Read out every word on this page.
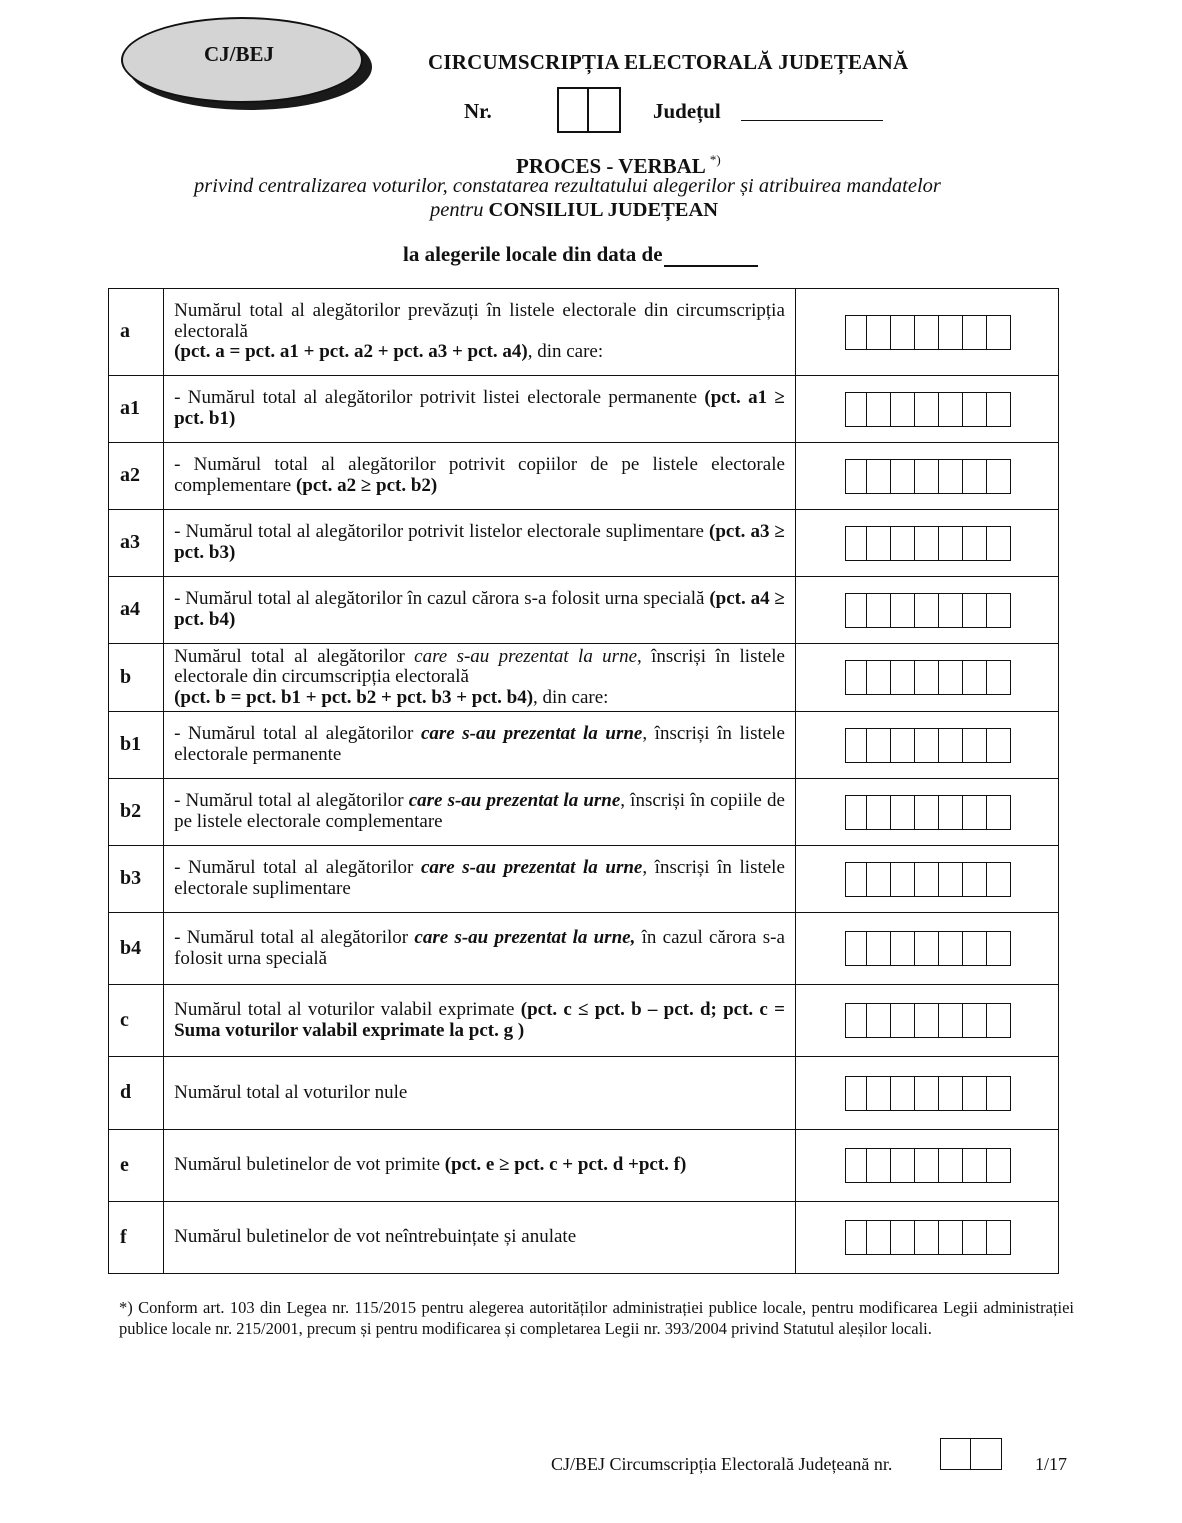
CJ/BEJ	CIRCUMSCRIPȚIA ELECTORALĂ JUDEȚEANĂ
Nr.	Județul
PROCES - VERBAL *)
privind centralizarea voturilor, constatarea rezultatului alegerilor și atribuirea mandatelor
pentru CONSILIUL JUDEȚEAN
la alegerile locale din data de
a	Numărul total al alegătorilor prevăzuți în listele electorale din circumscripția electorală
(pct. a = pct. a1 + pct. a2 + pct. a3 + pct. a4), din care:	

a1	- Numărul total al alegătorilor potrivit listei electorale permanente (pct. a1 ≥ pct. b1)	

a2	- Numărul total al alegătorilor potrivit copiilor de pe listele electorale complementare (pct. a2 ≥ pct. b2)	

a3	- Numărul total al alegătorilor potrivit listelor electorale suplimentare (pct. a3 ≥ pct. b3)	

a4	- Numărul total al alegătorilor în cazul cărora s-a folosit urna specială (pct. a4 ≥ pct. b4)	

b	Numărul total al alegătorilor care s-au prezentat la urne, înscriși în listele electorale din circumscripția electorală
(pct. b = pct. b1 + pct. b2 + pct. b3 + pct. b4), din care:	

b1	- Numărul total al alegătorilor care s-au prezentat la urne, înscriși în listele electorale permanente	

b2	- Numărul total al alegătorilor care s-au prezentat la urne, înscriși în copiile de pe listele electorale complementare	

b3	- Numărul total al alegătorilor care s-au prezentat la urne, înscriși în listele electorale suplimentare	

b4	- Numărul total al alegătorilor care s-au prezentat la urne, în cazul cărora s-a folosit urna specială	

c	Numărul total al voturilor valabil exprimate (pct. c ≤ pct. b – pct. d; pct. c = Suma voturilor valabil exprimate la pct. g )	

d	Numărul total al voturilor nule	

e	Numărul buletinelor de vot primite (pct. e ≥ pct. c + pct. d +pct. f)	

f	Numărul buletinelor de vot neîntrebuințate și anulate	
*) Conform art. 103 din Legea nr. 115/2015 pentru alegerea autorităților administrației publice locale, pentru modificarea Legii administrației publice locale nr. 215/2001, precum și pentru modificarea și completarea Legii nr. 393/2004 privind Statutul aleșilor locali.
CJ/BEJ Circumscripția Electorală Județeană nr.	1/17
